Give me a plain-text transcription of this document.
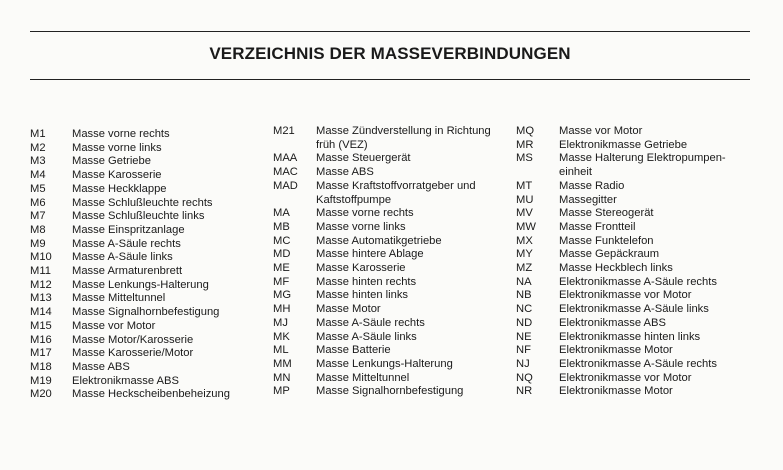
VERZEICHNIS DER MASSEVERBINDUNGEN
M1	Masse vorne rechts
M2	Masse vorne links
M3	Masse Getriebe
M4	Masse Karosserie
M5	Masse Heckklappe
M6	Masse Schlußleuchte rechts
M7	Masse Schlußleuchte links
M8	Masse Einspritzanlage
M9	Masse A-Säule rechts
M10	Masse A-Säule links
M11	Masse Armaturenbrett
M12	Masse Lenkungs-Halterung
M13	Masse Mitteltunnel
M14	Masse Signalhornbefestigung
M15	Masse vor Motor
M16	Masse Motor/Karosserie
M17	Masse Karosserie/Motor
M18	Masse ABS
M19	Elektronikmasse ABS
M20	Masse Heckscheibenbeheizung
M21	Masse Zündverstellung in Richtung früh (VEZ)
MAA	Masse Steuergerät
MAC	Masse ABS
MAD	Masse Kraftstoffvorratgeber und Kaftstoffpumpe
MA	Masse vorne rechts
MB	Masse vorne links
MC	Masse Automatikgetriebe
MD	Masse hintere Ablage
ME	Masse Karosserie
MF	Masse hinten rechts
MG	Masse hinten links
MH	Masse Motor
MJ	Masse A-Säule rechts
MK	Masse A-Säule links
ML	Masse Batterie
MM	Masse Lenkungs-Halterung
MN	Masse Mitteltunnel
MP	Masse Signalhornbefestigung
MQ	Masse vor Motor
MR	Elektronikmasse Getriebe
MS	Masse Halterung Elektropumpen-einheit
MT	Masse Radio
MU	Massegitter
MV	Masse Stereogerät
MW	Masse Frontteil
MX	Masse Funktelefon
MY	Masse Gepäckraum
MZ	Masse Heckblech links
NA	Elektronikmasse A-Säule rechts
NB	Elektronikmasse vor Motor
NC	Elektronikmasse A-Säule links
ND	Elektronikmasse ABS
NE	Elektronikmasse hinten links
NF	Elektronikmasse Motor
NJ	Elektronikmasse A-Säule rechts
NQ	Elektronikmasse vor Motor
NR	Elektronikmasse Motor
